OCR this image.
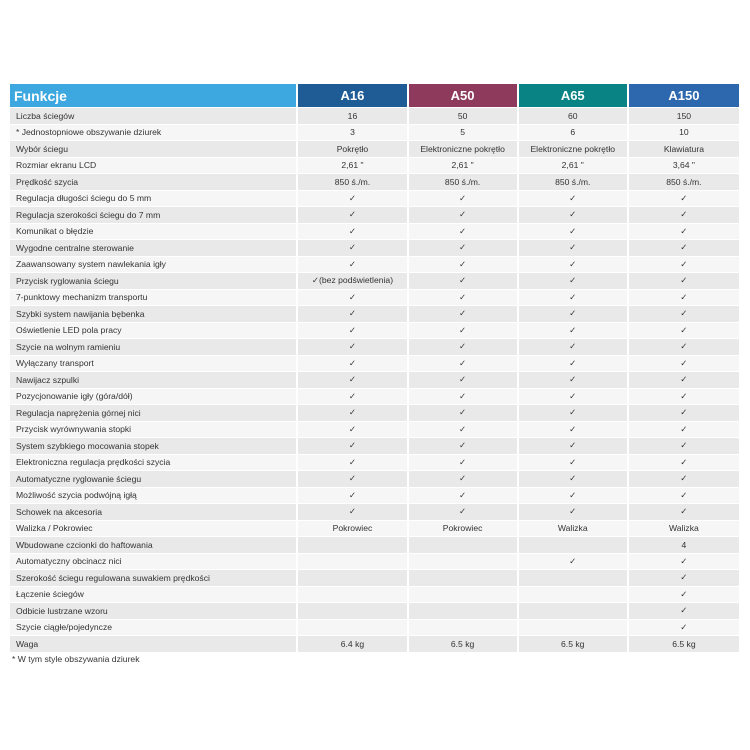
Funkcje	A16	A50	A65	A150
Liczba ściegów	16	50	60	150
* Jednostopniowe obszywanie dziurek	3	5	6	10
Wybór ściegu	Pokrętło	Elektroniczne pokrętło	Elektroniczne pokrętło	Klawiatura
Rozmiar ekranu LCD	2,61 "	2,61 "	2,61 "	3,64 "
Prędkość szycia	850 ś./m.	850 ś./m.	850 ś./m.	850 ś./m.
Regulacja długości ściegu do 5 mm	✓	✓	✓	✓
Regulacja szerokości ściegu do 7 mm	✓	✓	✓	✓
Komunikat o błędzie	✓	✓	✓	✓
Wygodne centralne sterowanie	✓	✓	✓	✓
Zaawansowany system nawlekania igły	✓	✓	✓	✓
Przycisk ryglowania ściegu	✓(bez podświetlenia)	✓	✓	✓
7-punktowy mechanizm transportu	✓	✓	✓	✓
Szybki system nawijania bębenka	✓	✓	✓	✓
Oświetlenie LED pola pracy	✓	✓	✓	✓
Szycie na wolnym ramieniu	✓	✓	✓	✓
Wyłączany transport	✓	✓	✓	✓
Nawijacz szpulki	✓	✓	✓	✓
Pozycjonowanie igły (góra/dół)	✓	✓	✓	✓
Regulacja naprężenia górnej nici	✓	✓	✓	✓
Przycisk wyrównywania stopki	✓	✓	✓	✓
System szybkiego mocowania stopek	✓	✓	✓	✓
Elektroniczna regulacja prędkości szycia	✓	✓	✓	✓
Automatyczne ryglowanie ściegu	✓	✓	✓	✓
Możliwość szycia podwójną igłą	✓	✓	✓	✓
Schowek na akcesoria	✓	✓	✓	✓
Walizka / Pokrowiec	Pokrowiec	Pokrowiec	Walizka	Walizka
Wbudowane czcionki do haftowania				4
Automatyczny obcinacz nici			✓	✓
Szerokość ściegu regulowana suwakiem prędkości				✓
Łączenie ściegów				✓
Odbicie lustrzane wzoru				✓
Szycie ciągłe/pojedyncze				✓
Waga	6.4 kg	6.5 kg	6.5 kg	6.5 kg
* W tym style obszywania dziurek
